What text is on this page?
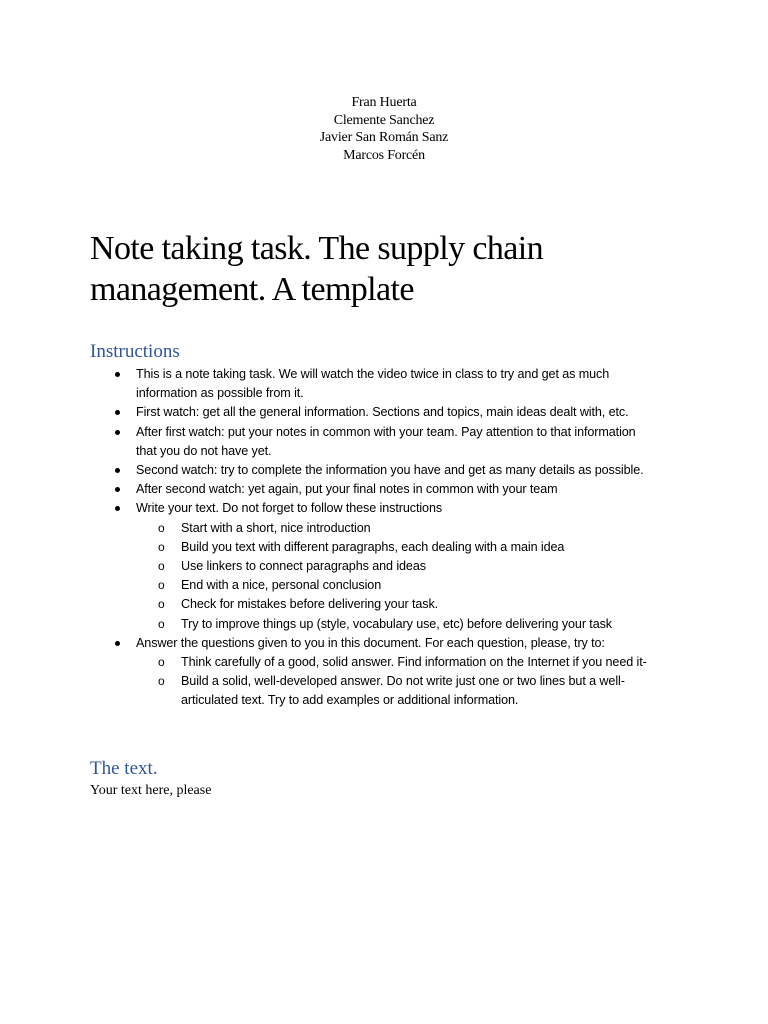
Fran Huerta
Clemente Sanchez
Javier San Román Sanz
Marcos Forcén
Note taking task. The supply chain
management. A template
Instructions
This is a note taking task. We will watch the video twice in class to try and get as much
information as possible from it.
First watch: get all the general information. Sections and topics, main ideas dealt with, etc.
After first watch: put your notes in common with your team. Pay attention to that information
that you do not have yet.
Second watch: try to complete the information you have and get as many details as possible.
After second watch: yet again, put your final notes in common with your team
Write your text. Do not forget to follow these instructions
o Start with a short, nice introduction
o Build you text with different paragraphs, each dealing with a main idea
o Use linkers to connect paragraphs and ideas
o End with a nice, personal conclusion
o Check for mistakes before delivering your task.
o Try to improve things up (style, vocabulary use, etc) before delivering your task
Answer the questions given to you in this document. For each question, please, try to:
o Think carefully of a good, solid answer. Find information on the Internet if you need it-
o Build a solid, well-developed answer. Do not write just one or two lines but a well-
articulated text. Try to add examples or additional information.
The text.
Your text here, please
